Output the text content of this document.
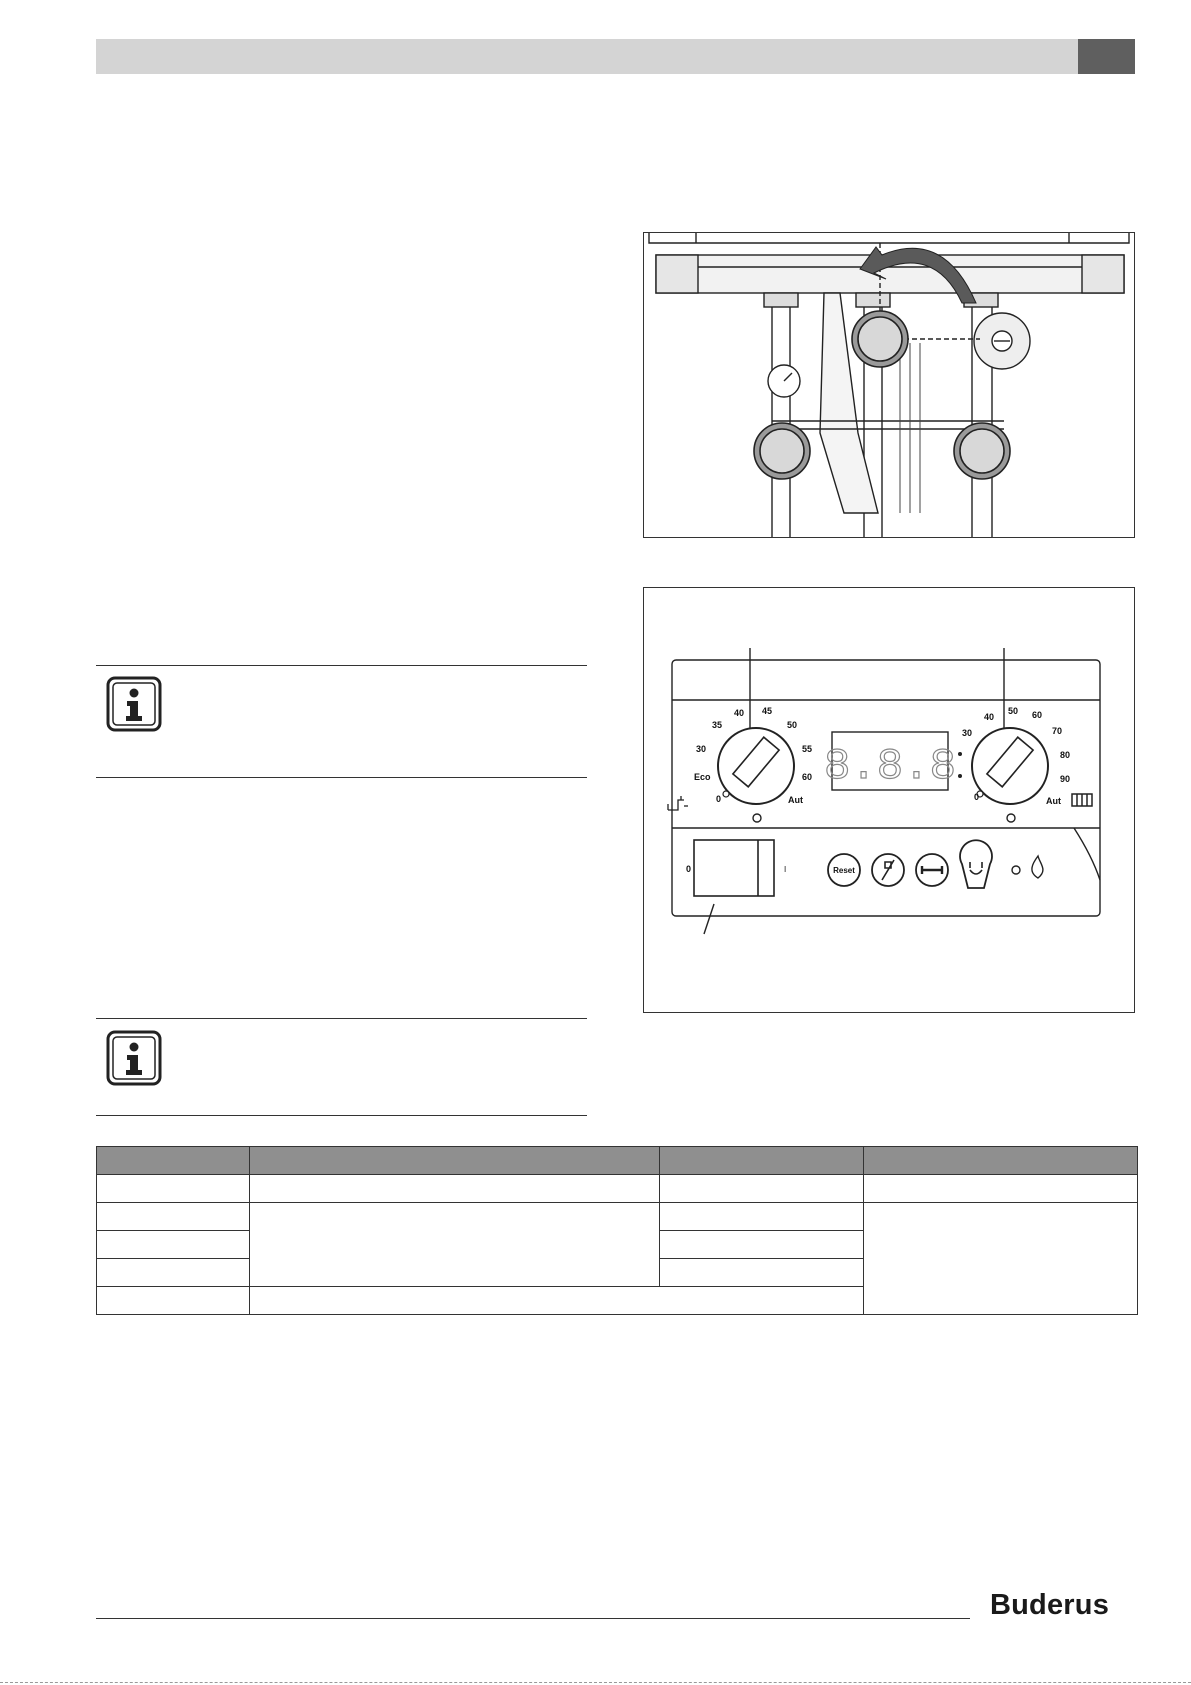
0
Eco
30
35
40 45
50
55
60
Aut	0
30
40
50 60
70
80
90
Aut
8.8.8
0	I	Reset

Buderus
